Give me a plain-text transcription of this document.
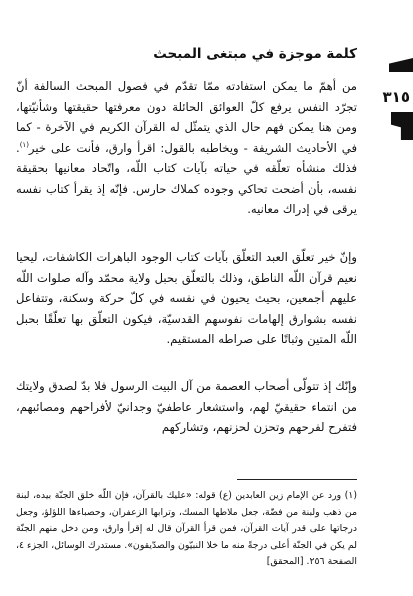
٣١٥
كلمة موجزة في مبتغى المبحث
من أهمّ ما يمكن استفادته ممّا تقدّم في فصول المبحث السالفة أنّ تجرّد النفس يرفع كلّ العوائق الحائلة دون معرفتها حقيقتها وشأنيّتها، ومن هنا يمكن فهم حال الذي يتمثّل له القرآن الكريم في الآخرة - كما في الأحاديث الشريفة - ويخاطبه بالقول: اقرأ وارق، فأنت على خير$^{(١)}$. فذلك منشأه تعلّقه في حياته بآيات كتاب اللّه، واتّحاد معانيها بحقيقة نفسه، بأن أضحت تحاكي وجوده كملاك حارس. فإنّه إذ يقرأ كتاب نفسه يرقى في إدراك معانيه.
وإنّ خير تعلّق العبد التعلّق بآيات كتاب الوجود الباهرات الكاشفات، ليحيا نعيم قرآن اللّه الناطق، وذلك بالتعلّق بحبل ولاية محمّد وآله صلوات اللّه عليهم أجمعين، بحيث يحيون في نفسه في كلّ حركة وسكنة، وتتفاعل نفسه بشوارق إلهامات نفوسهم القدسيّة، فيكون التعلّق بها تعلّقًا بحبل اللّه المتين وثباتًا على صراطه المستقيم.
وإنّك إذ تتولّى أصحاب العصمة من آل البيت الرسول فلا بدّ لصدق ولايتك من انتماء حقيقيّ لهم، واستشعار عاطفيّ وجدانيّ لأفراحهم ومصائبهم، فتفرح لفرحهم وتحزن لحزنهم، وتشاركهم
(١) ورد عن الإمام زين العابدين (ع) قوله: «عليك بالقرآن، فإن اللّه خلق الجنّة بيده، لبنة من ذهب ولبنة من فضّة، جعل ملاطها المسك، وترابها الزعفران، وحصباءها اللؤلؤ، وجعل درجاتها على قدر آيات القرآن، فمن قرأ القرآن قال له إقرأ وارق، ومن دخل منهم الجنّة لم يكن في الجنّة أعلى درجةً منه ما خلا النبيّون والصدّيقون». مستدرك الوسائل، الجزء ٤، الصفحة ٢٥٦. [المحقق]
